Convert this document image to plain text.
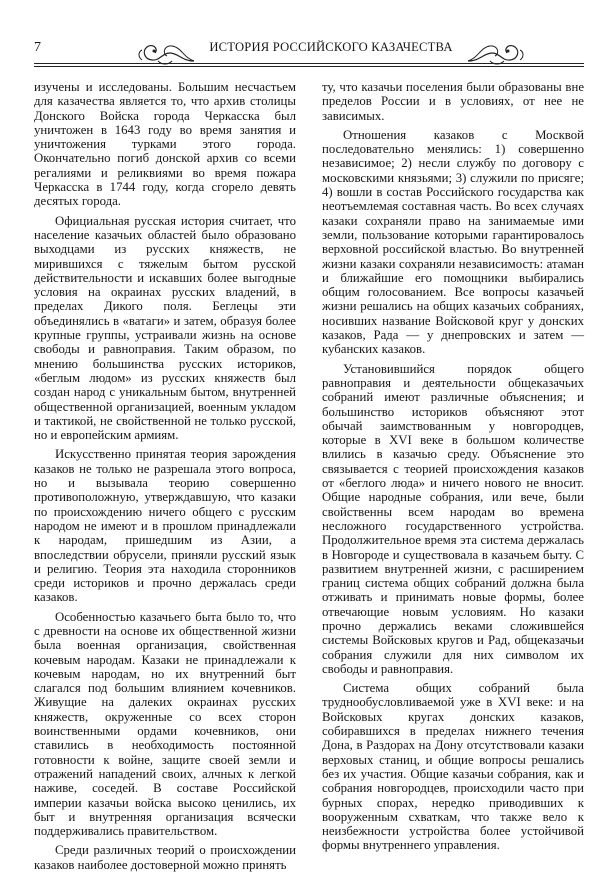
7	ИСТОРИЯ РОССИЙСКОГО КАЗАЧЕСТВА

изучены и исследованы. Большим несчастьем для казачества является то, что архив столицы Донского Войска города Черкасска был уничтожен в 1643 году во время занятия и уничтожения турками этого города. Окончательно погиб донской архив со всеми регалиями и реликвиями во время пожара Черкасска в 1744 году, когда сгорело девять десятых города.

Официальная русская история считает, что население казачьих областей было образовано выходцами из русских княжеств, не мирившихся с тяжелым бытом русской действительности и искавших более выгодные условия на окраинах русских владений, в пределах Дикого поля. Беглецы эти объединялись в «ватаги» и затем, образуя более крупные группы, устраивали жизнь на основе свободы и равноправия. Таким образом, по мнению большинства русских историков, «беглым людом» из русских княжеств был создан народ с уникальным бытом, внутренней общественной организацией, военным укладом и тактикой, не свойственной не только русской, но и европейским армиям.

Искусственно принятая теория зарождения казаков не только не разрешала этого вопроса, но и вызывала теорию совершенно противоположную, утверждавшую, что казаки по происхождению ничего общего с русским народом не имеют и в прошлом принадлежали к народам, пришедшим из Азии, а впоследствии обрусели, приняли русский язык и религию. Теория эта находила сторонников среди историков и прочно держалась среди казаков.

Особенностью казачьего быта было то, что с древности на основе их общественной жизни была военная организация, свойственная кочевым народам. Казаки не принадлежали к кочевым народам, но их внутренний быт слагался под большим влиянием кочевников. Живущие на далеких окраинах русских княжеств, окруженные со всех сторон воинственными ордами кочевников, они ставились в необходимость постоянной готовности к войне, защите своей земли и отражений нападений своих, алчных к легкой наживе, соседей. В составе Российской империи казачьи войска высоко ценились, их быт и внутренняя организация всячески поддерживались правительством.

Среди различных теорий о происхождении казаков наиболее достоверной можно принять

ту, что казачьи поселения были образованы вне пределов России и в условиях, от нее не зависимых.

Отношения казаков с Москвой последовательно менялись: 1) совершенно независимое; 2) несли службу по договору с московскими князьями; 3) служили по присяге; 4) вошли в состав Российского государства как неотъемлемая составная часть. Во всех случаях казаки сохраняли право на занимаемые ими земли, пользование которыми гарантировалось верховной российской властью. Во внутренней жизни казаки сохраняли независимость: атаман и ближайшие его помощники выбирались общим голосованием. Все вопросы казачьей жизни решались на общих казачьих собраниях, носивших название Войсковой круг у донских казаков, Рада — у днепровских и затем — кубанских казаков.

Установившийся порядок общего равноправия и деятельности общеказачьих собраний имеют различные объяснения; и большинство историков объясняют этот обычай заимствованным у новгородцев, которые в XVI веке в большом количестве влились в казачью среду. Объяснение это связывается с теорией происхождения казаков от «беглого люда» и ничего нового не вносит. Общие народные собрания, или вече, были свойственны всем народам во времена несложного государственного устройства. Продолжительное время эта система держалась в Новгороде и существовала в казачьем быту. С развитием внутренней жизни, с расширением границ система общих собраний должна была отживать и принимать новые формы, более отвечающие новым условиям. Но казаки прочно держались веками сложившейся системы Войсковых кругов и Рад, общеказачьи собрания служили для них символом их свободы и равноправия.

Система общих собраний была труднообусловливаемой уже в XVI веке: и на Войсковых кругах донских казаков, собиравшихся в пределах нижнего течения Дона, в Раздорах на Дону отсутствовали казаки верховых станиц, и общие вопросы решались без их участия. Общие казачьи собрания, как и собрания новгородцев, происходили часто при бурных спорах, нередко приводивших к вооруженным схваткам, что также вело к неизбежности устройства более устойчивой формы внутреннего управления.
